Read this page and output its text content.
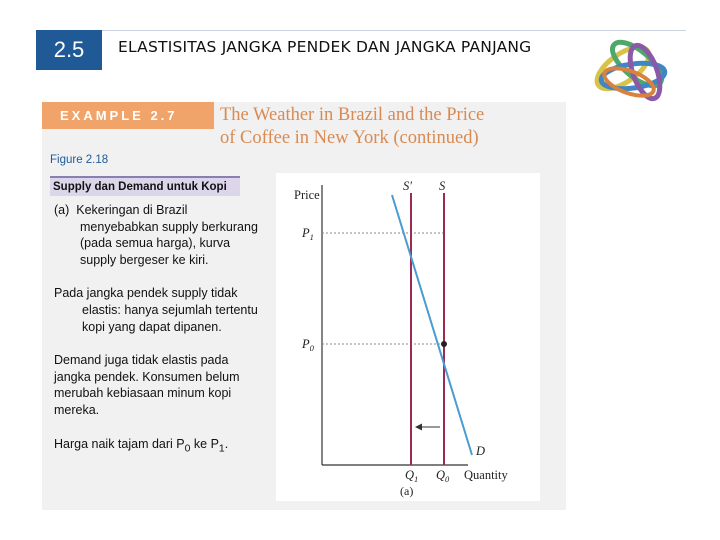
2.5	ELASTISITAS JANGKA PENDEK DAN JANGKA PANJANG
EXAMPLE 2.7	The Weather in Brazil and the Price
of Coffee in New York (continued)
Figure 2.18
Supply dan Demand untuk Kopi
(a) Kekeringan di Brazil menyebabkan supply berkurang (pada semua harga), kurva supply bergeser ke kiri.
Pada jangka pendek supply tidak elastis: hanya sejumlah tertentu kopi yang dapat dipanen.
Demand juga tidak elastis pada jangka pendek. Konsumen belum merubah kebiasaan minum kopi mereka.
Harga naik tajam dari $P_0$ ke $P_1$.
Price
Quantity
(a)
S′ S
D
$P_1$
$P_0$
$Q_1$ $Q_0$
